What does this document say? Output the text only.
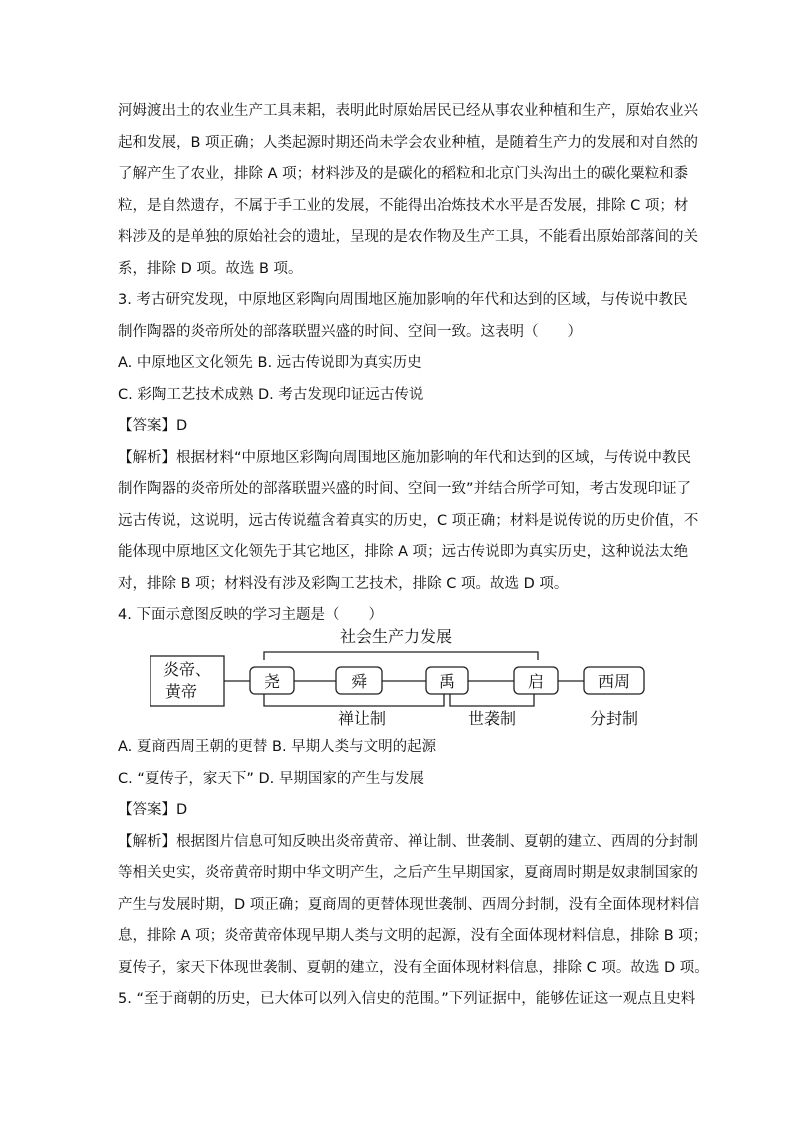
河姆渡出土的农业生产工具耒耜，表明此时原始居民已经从事农业种植和生产，原始农业兴
起和发展，B 项正确；人类起源时期还尚未学会农业种植，是随着生产力的发展和对自然的
了解产生了农业，排除 A 项；材料涉及的是碳化的稻粒和北京门头沟出土的碳化粟粒和黍
粒，是自然遗存，不属于手工业的发展，不能得出冶炼技术水平是否发展，排除 C 项；材
料涉及的是单独的原始社会的遗址，呈现的是农作物及生产工具，不能看出原始部落间的关
系，排除 D 项。故选 B 项。
3. 考古研究发现，中原地区彩陶向周围地区施加影响的年代和达到的区域，与传说中教民
制作陶器的炎帝所处的部落联盟兴盛的时间、空间一致。这表明（　　）
A. 中原地区文化领先 B. 远古传说即为真实历史
C. 彩陶工艺技术成熟 D. 考古发现印证远古传说
【答案】D
【解析】根据材料“中原地区彩陶向周围地区施加影响的年代和达到的区域，与传说中教民
制作陶器的炎帝所处的部落联盟兴盛的时间、空间一致”并结合所学可知，考古发现印证了
远古传说，这说明，远古传说蕴含着真实的历史，C 项正确；材料是说传说的历史价值，不
能体现中原地区文化领先于其它地区，排除 A 项；远古传说即为真实历史，这种说法太绝
对，排除 B 项；材料没有涉及彩陶工艺技术，排除 C 项。故选 D 项。
4. 下面示意图反映的学习主题是（　　）
社会生产力发展
炎帝、
黄帝
尧	舜	禹	启	西周
禅让制	世袭制	分封制
A. 夏商西周王朝的更替 B. 早期人类与文明的起源
C. “夏传子，家天下” D. 早期国家的产生与发展
【答案】D
【解析】根据图片信息可知反映出炎帝黄帝、禅让制、世袭制、夏朝的建立、西周的分封制
等相关史实，炎帝黄帝时期中华文明产生，之后产生早期国家，夏商周时期是奴隶制国家的
产生与发展时期，D 项正确；夏商周的更替体现世袭制、西周分封制，没有全面体现材料信
息，排除 A 项；炎帝黄帝体现早期人类与文明的起源，没有全面体现材料信息，排除 B 项；
夏传子，家天下体现世袭制、夏朝的建立，没有全面体现材料信息，排除 C 项。故选 D 项。
5. “至于商朝的历史，已大体可以列入信史的范围。”下列证据中，能够佐证这一观点且史料
